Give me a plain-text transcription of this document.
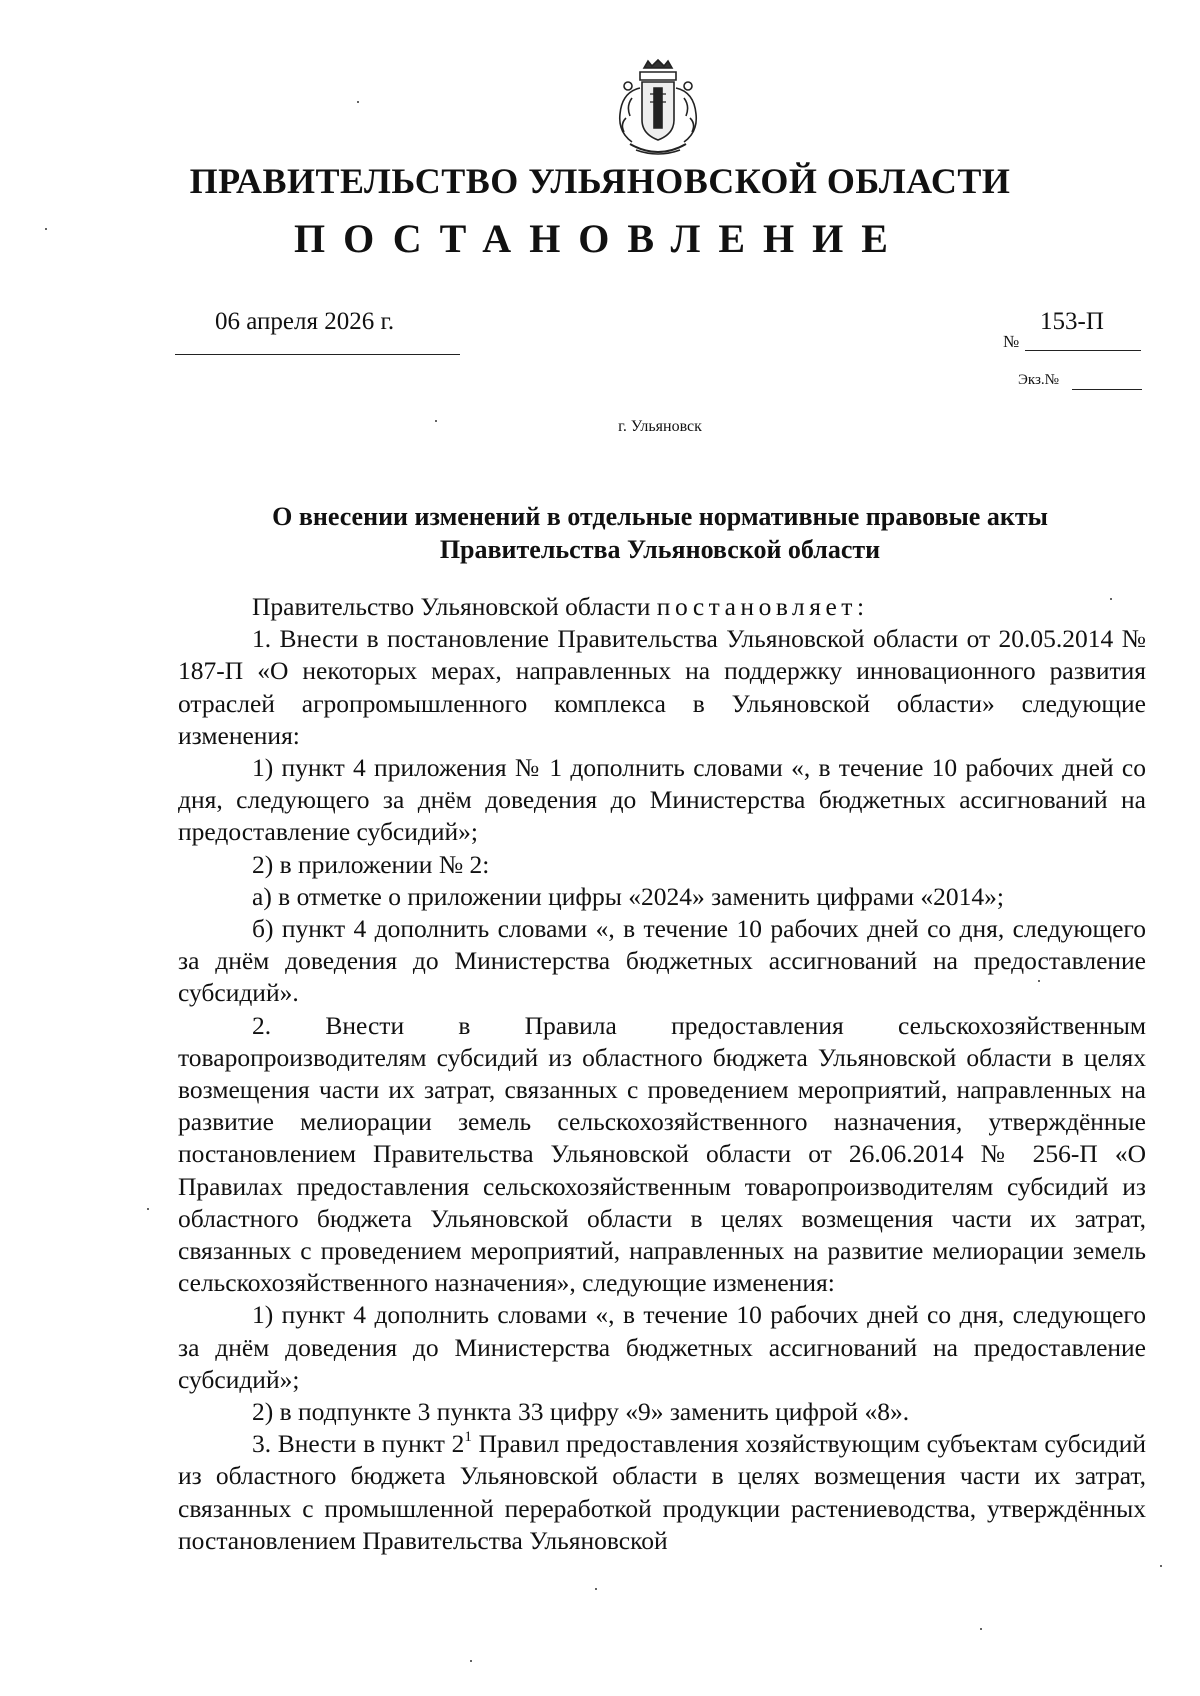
ПРАВИТЕЛЬСТВО УЛЬЯНОВСКОЙ ОБЛАСТИ
ПОСТАНОВЛЕНИЕ
06 апреля 2026 г.
№
153-П
Экз.№
г. Ульяновск
О внесении изменений в отдельные нормативные правовые акты
Правительства Ульяновской области

Правительство Ульяновской области постановляет:

1. Внести в постановление Правительства Ульяновской области от 20.05.2014 № 187-П «О некоторых мерах, направленных на поддержку инновационного развития отраслей агропромышленного комплекса в Ульяновской области» следующие изменения:

1) пункт 4 приложения № 1 дополнить словами «, в течение 10 рабочих дней со дня, следующего за днём доведения до Министерства бюджетных ассигнований на предоставление субсидий»;

2) в приложении № 2:

а) в отметке о приложении цифры «2024» заменить цифрами «2014»;

б) пункт 4 дополнить словами «, в течение 10 рабочих дней со дня, следующего за днём доведения до Министерства бюджетных ассигнований на предоставление субсидий».

2. Внести в Правила предоставления сельскохозяйственным товаропроизводителям субсидий из областного бюджета Ульяновской области в целях возмещения части их затрат, связанных с проведением мероприятий, направленных на развитие мелиорации земель сельскохозяйственного назначения, утверждённые постановлением Правительства Ульяновской области от 26.06.2014 № 256-П «О Правилах предоставления сельскохозяйственным товаропроизводителям субсидий из областного бюджета Ульяновской области в целях возмещения части их затрат, связанных с проведением мероприятий, направленных на развитие мелиорации земель сельскохозяйственного назначения», следующие изменения:

1) пункт 4 дополнить словами «, в течение 10 рабочих дней со дня, следующего за днём доведения до Министерства бюджетных ассигнований на предоставление субсидий»;

2) в подпункте 3 пункта 33 цифру «9» заменить цифрой «8».

3. Внести в пункт $2^1$ Правил предоставления хозяйствующим субъектам субсидий из областного бюджета Ульяновской области в целях возмещения части их затрат, связанных с промышленной переработкой продукции растениеводства, утверждённых постановлением Правительства Ульяновской
